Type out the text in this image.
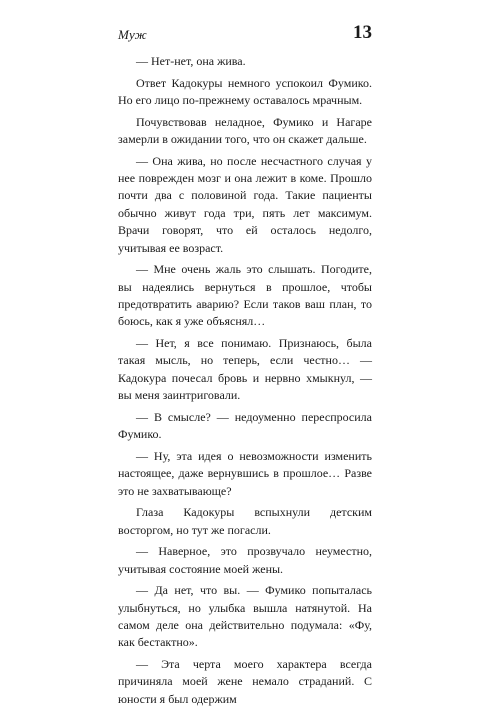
Муж	13

— Нет-нет, она жива.

Ответ Кадокуры немного успокоил Фумико. Но его лицо по-прежнему оставалось мрачным.

Почувствовав неладное, Фумико и Нагаре замерли в ожидании того, что он скажет дальше.

— Она жива, но после несчастного случая у нее поврежден мозг и она лежит в коме. Прошло почти два с половиной года. Такие пациенты обычно живут года три, пять лет максимум. Врачи говорят, что ей осталось недолго, учитывая ее возраст.

— Мне очень жаль это слышать. Погодите, вы надеялись вернуться в прошлое, чтобы предотвратить аварию? Если таков ваш план, то боюсь, как я уже объяснял…

— Нет, я все понимаю. Признаюсь, была такая мысль, но теперь, если честно… — Кадокура почесал бровь и нервно хмыкнул, — вы меня заинтриговали.

— В смысле? — недоуменно переспросила Фумико.

— Ну, эта идея о невозможности изменить настоящее, даже вернувшись в прошлое… Разве это не захватывающе?

Глаза Кадокуры вспыхнули детским восторгом, но тут же погасли.

— Наверное, это прозвучало неуместно, учитывая состояние моей жены.

— Да нет, что вы. — Фумико попыталась улыбнуться, но улыбка вышла натянутой. На самом деле она действительно подумала: «Фу, как бестактно».

— Эта черта моего характера всегда причиняла моей жене немало страданий. С юности я был одержим
